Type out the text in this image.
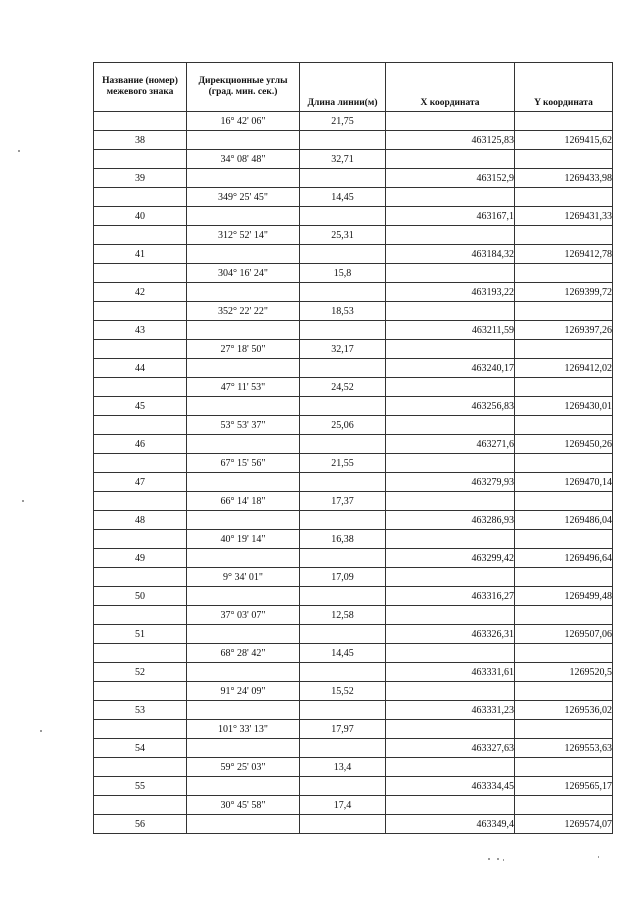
Название (номер) межевого знака	Дирекционные углы (град. мин. сек.)	Длина линии(м)	X координата	Y координата
	16° 42' 06"	21,75		
38			463125,83	1269415,62
	34° 08' 48"	32,71		
39			463152,9	1269433,98
	349° 25' 45"	14,45		
40			463167,1	1269431,33
	312° 52' 14"	25,31		
41			463184,32	1269412,78
	304° 16' 24"	15,8		
42			463193,22	1269399,72
	352° 22' 22"	18,53		
43			463211,59	1269397,26
	27° 18' 50"	32,17		
44			463240,17	1269412,02
	47° 11' 53"	24,52		
45			463256,83	1269430,01
	53° 53' 37"	25,06		
46			463271,6	1269450,26
	67° 15' 56"	21,55		
47			463279,93	1269470,14
	66° 14' 18"	17,37		
48			463286,93	1269486,04
	40° 19' 14"	16,38		
49			463299,42	1269496,64
	9° 34' 01"	17,09		
50			463316,27	1269499,48
	37° 03' 07"	12,58		
51			463326,31	1269507,06
	68° 28' 42"	14,45		
52			463331,61	1269520,5
	91° 24' 09"	15,52		
53			463331,23	1269536,02
	101° 33' 13"	17,97		
54			463327,63	1269553,63
	59° 25' 03"	13,4		
55			463334,45	1269565,17
	30° 45' 58"	17,4		
56			463349,4	1269574,07
